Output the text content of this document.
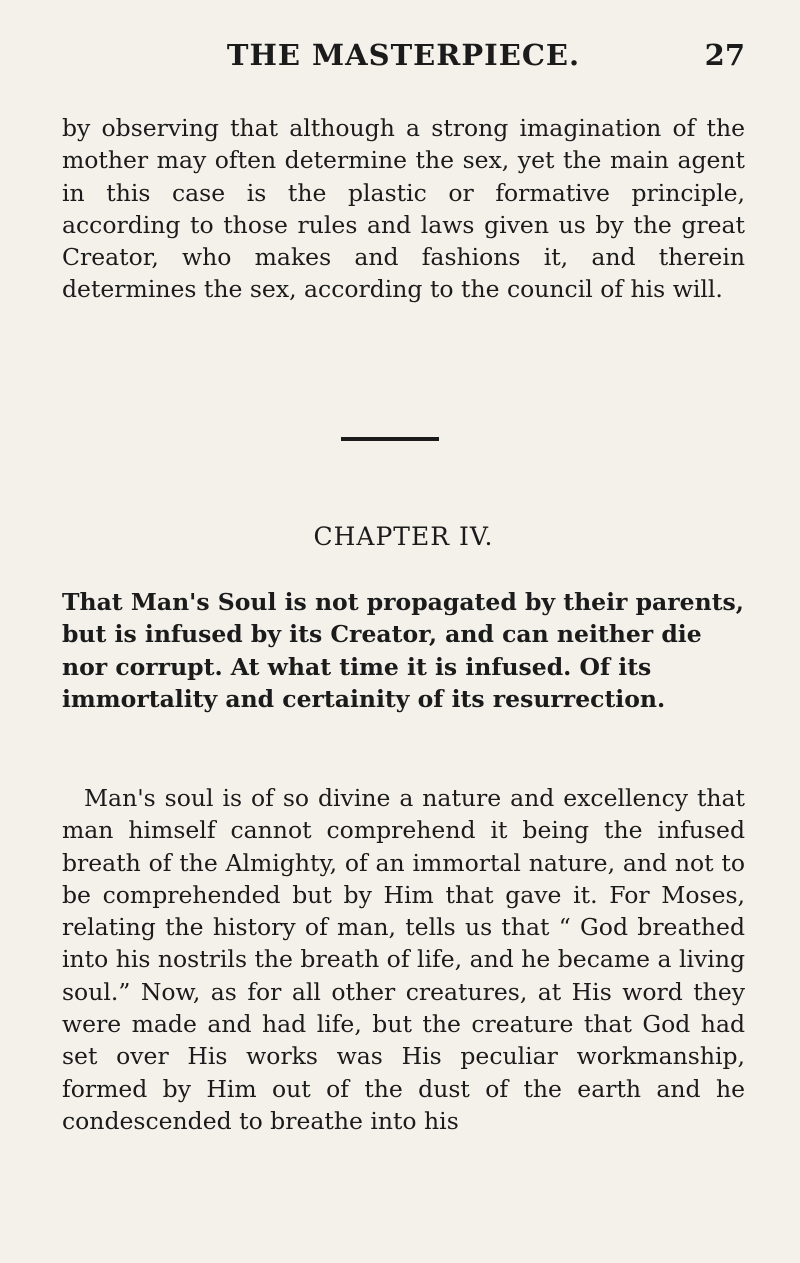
THE MASTERPIECE.	27

by observing that although a strong imagination of the mother may often determine the sex, yet the main agent in this case is the plastic or formative principle, according to those rules and laws given us by the great Creator, who makes and fashions it, and therein determines the sex, according to the council of his will.

CHAPTER IV.

That Man's Soul is not propagated by their parents, but is infused by its Creator, and can neither die nor corrupt. At what time it is infused. Of its immortality and certainity of its resurrection.

Man's soul is of so divine a nature and excellency that man himself cannot comprehend it being the infused breath of the Almighty, of an immortal nature, and not to be comprehended but by Him that gave it. For Moses, relating the history of man, tells us that “ God breathed into his nostrils the breath of life, and he became a living soul.” Now, as for all other creatures, at His word they were made and had life, but the creature that God had set over His works was His peculiar workmanship, formed by Him out of the dust of the earth and he condescended to breathe into his
